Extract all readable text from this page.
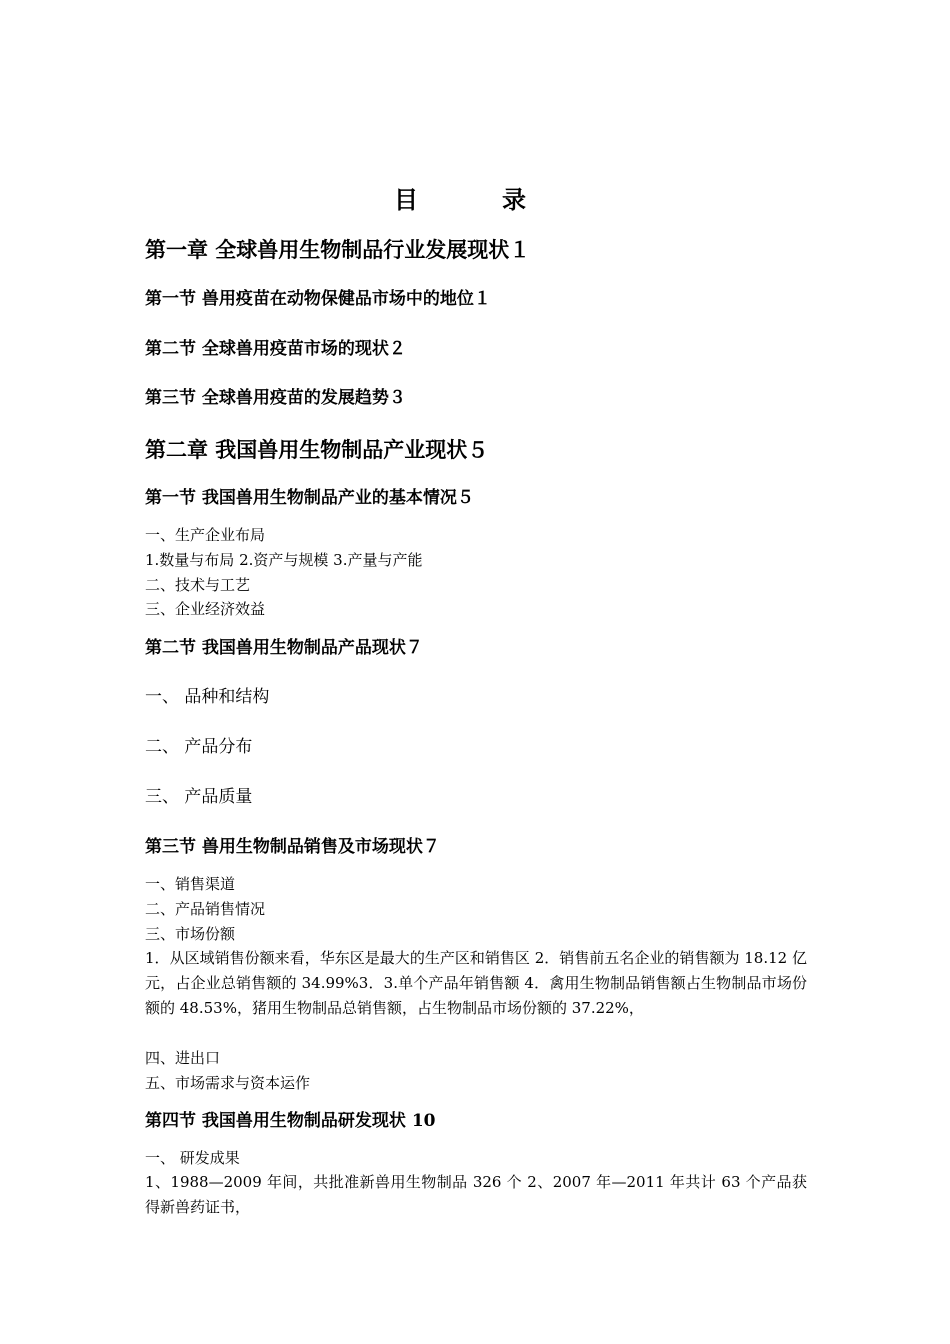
目　录
第一章 全球兽用生物制品行业发展现状１
第一节 兽用疫苗在动物保健品市场中的地位１
第二节 全球兽用疫苗市场的现状２
第三节 全球兽用疫苗的发展趋势３
第二章 我国兽用生物制品产业现状５
第一节 我国兽用生物制品产业的基本情况５
一、生产企业布局
1.数量与布局 2.资产与规模 3.产量与产能
二、技术与工艺
三、企业经济效益
第二节 我国兽用生物制品产品现状７
一、 品种和结构
二、 产品分布
三、 产品质量
第三节 兽用生物制品销售及市场现状７
一、销售渠道
二、产品销售情况
三、市场份额
1．从区域销售份额来看，华东区是最大的生产区和销售区 2．销售前五名企业的销售额为 18.12 亿元，占企业总销售额的 34.99%3．3.单个产品年销售额 4．禽用生物制品销售额占生物制品市场份额的 48.53%，猪用生物制品总销售额，占生物制品市场份额的 37.22%，
四、进出口
五、市场需求与资本运作
第四节 我国兽用生物制品研发现状 10
一、 研发成果
1、1988—2009 年间，共批准新兽用生物制品 326 个 2、2007 年—2011 年共计 63 个产品获得新兽药证书，
